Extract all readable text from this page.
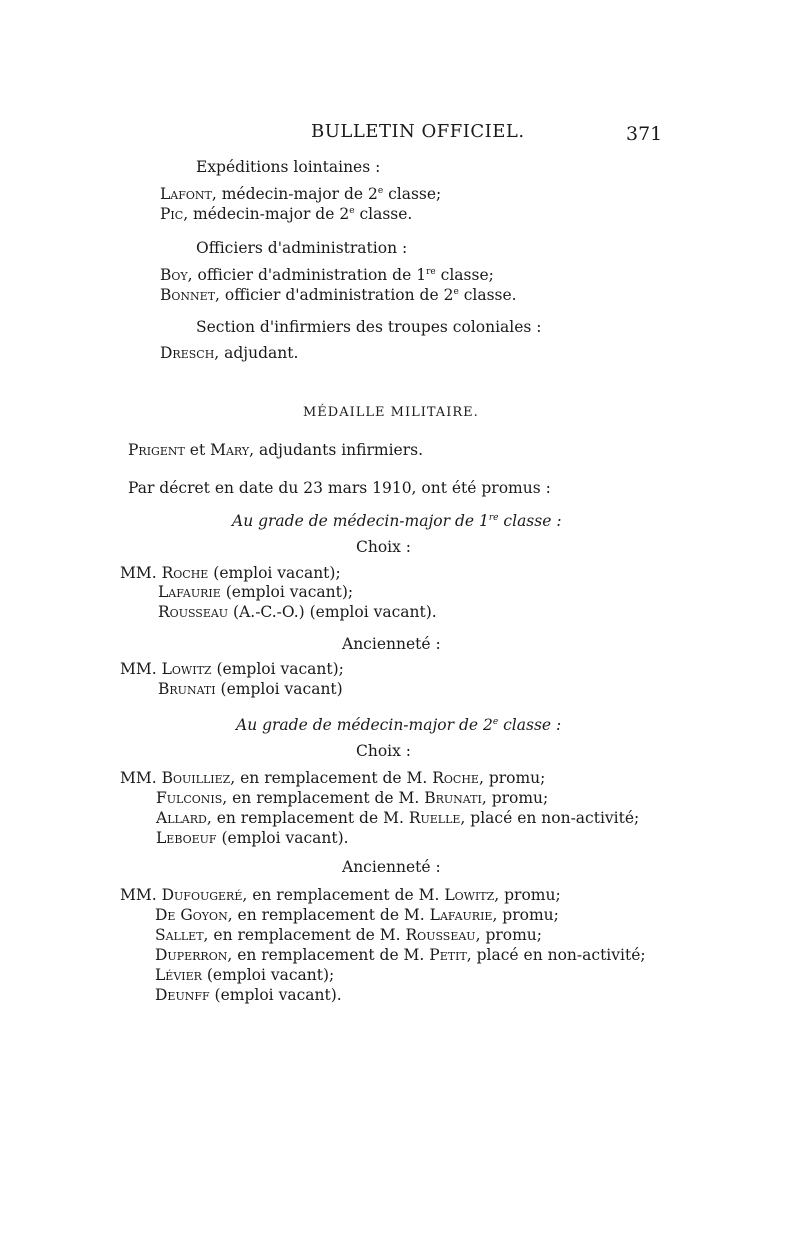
BULLETIN OFFICIEL.	371
Expéditions lointaines :
Lafont, médecin-major de 2e classe;
Pic, médecin-major de 2e classe.
Officiers d'administration :
Boy, officier d'administration de 1re classe;
Bonnet, officier d'administration de 2e classe.
Section d'infirmiers des troupes coloniales :
Dresch, adjudant.
MÉDAILLE MILITAIRE.
Prigent et Mary, adjudants infirmiers.
Par décret en date du 23 mars 1910, ont été promus :
Au grade de médecin-major de 1re classe :
Choix :
MM. Roche (emploi vacant);
Lafaurie (emploi vacant);
Rousseau (A.-C.-O.) (emploi vacant).
Ancienneté :
MM. Lowitz (emploi vacant);
Brunati (emploi vacant)
Au grade de médecin-major de 2e classe :
Choix :
MM. Bouilliez, en remplacement de M. Roche, promu;
Fulconis, en remplacement de M. Brunati, promu;
Allard, en remplacement de M. Ruelle, placé en non-activité;
Leboeuf (emploi vacant).
Ancienneté :
MM. Dufougeré, en remplacement de M. Lowitz, promu;
De Goyon, en remplacement de M. Lafaurie, promu;
Sallet, en remplacement de M. Rousseau, promu;
Duperron, en remplacement de M. Petit, placé en non-activité;
Lévier (emploi vacant);
Deunff (emploi vacant).
